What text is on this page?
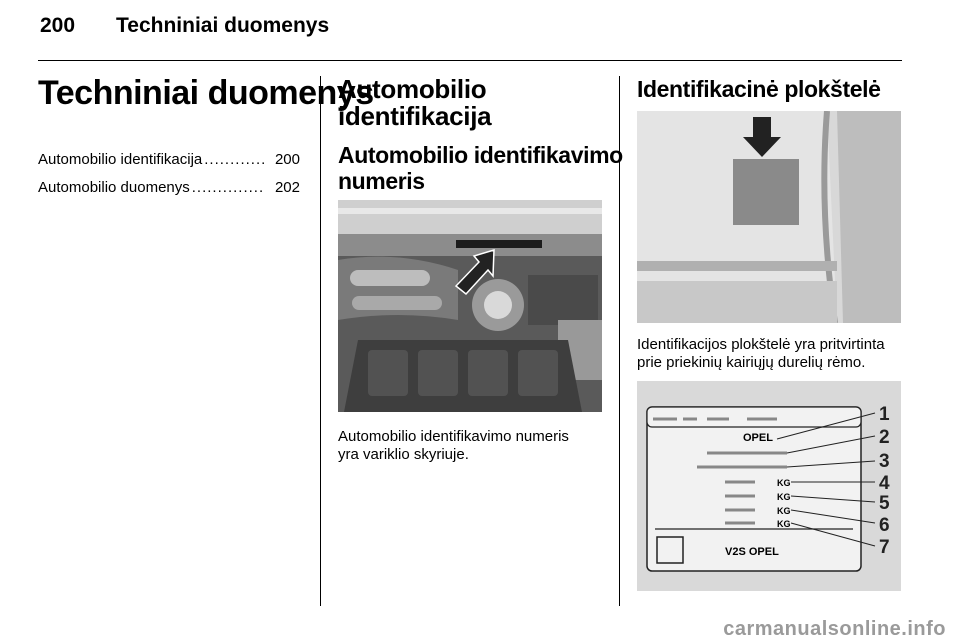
200 Techniniai duomenys
Techniniai duomenys
Automobilio identifikacija ............ 200
Automobilio duomenys .............. 202
Automobilio
identifikacija
Automobilio identifikavimo
numeris
Automobilio identifikavimo numeris
yra variklio skyriuje.
Identifikacinė plokštelė
Identifikacijos plokštelė yra pritvirtinta
prie priekinių kairiųjų durelių rėmo.
OPEL
KG
KG
KG
KG
V2S OPEL
1
2
3
4
5
6
7
carmanualsonline.info
